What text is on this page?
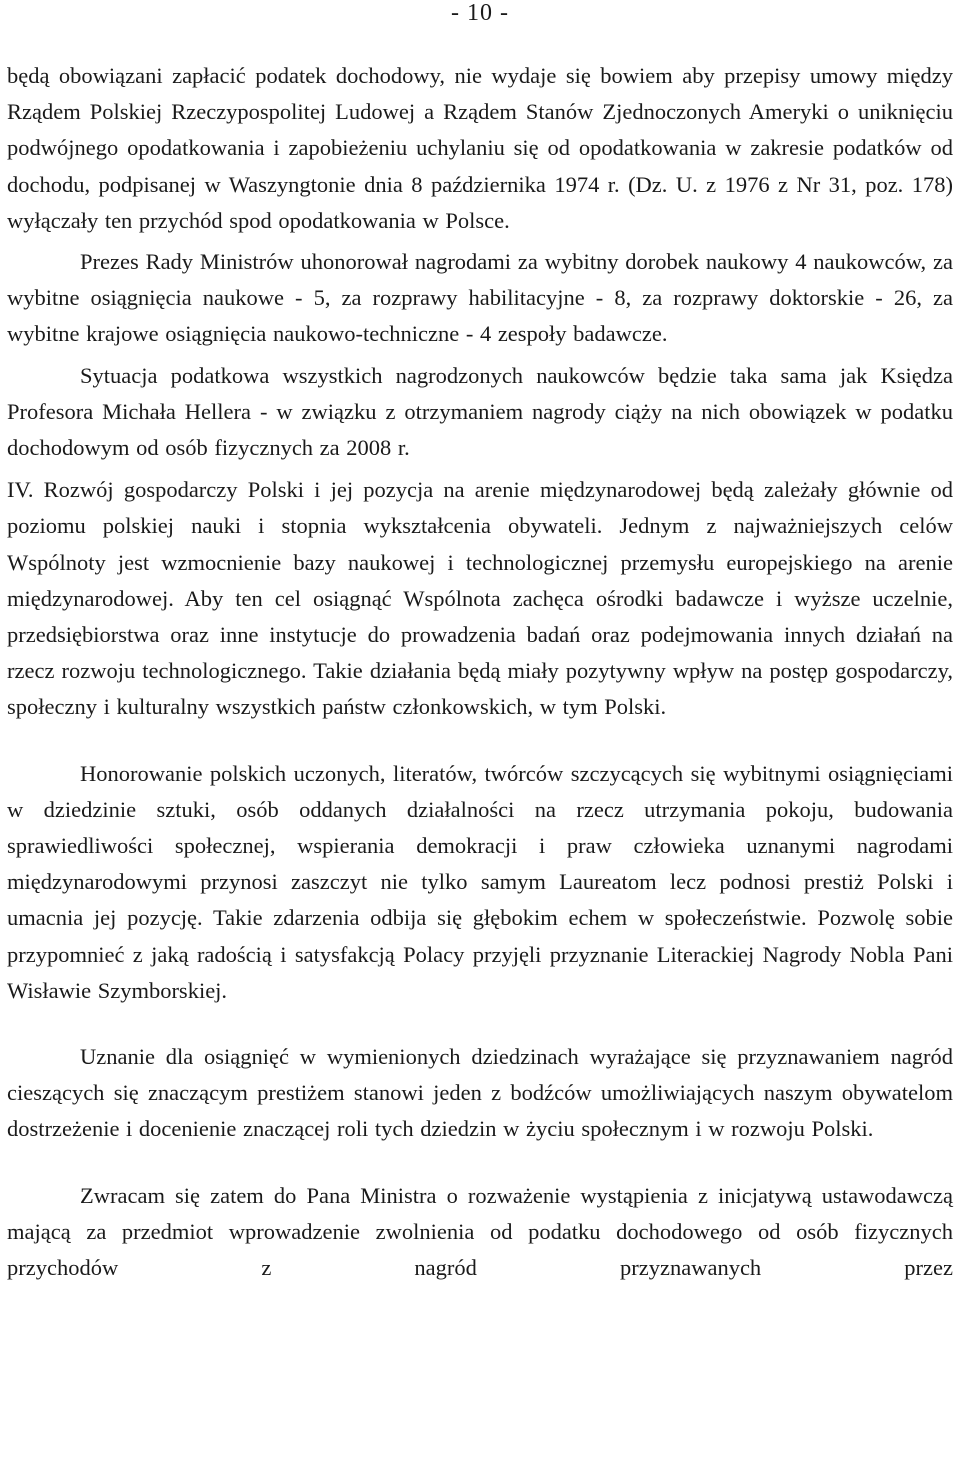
- 10 -

będą obowiązani zapłacić podatek dochodowy, nie wydaje się bowiem aby przepisy umowy między Rządem Polskiej Rzeczypospolitej Ludowej a Rządem Stanów Zjednoczonych Ameryki o uniknięciu podwójnego opodatkowania i zapobieżeniu uchylaniu się od opodatkowania w zakresie podatków od dochodu, podpisanej w Waszyngtonie dnia 8 października 1974 r. (Dz. U. z 1976 z Nr 31, poz. 178) wyłączały ten przychód spod opodatkowania w Polsce.

Prezes Rady Ministrów uhonorował nagrodami za wybitny dorobek naukowy 4 naukowców, za wybitne osiągnięcia naukowe - 5, za rozprawy habilitacyjne - 8, za rozprawy doktorskie - 26, za wybitne krajowe osiągnięcia naukowo-techniczne - 4 zespoły badawcze.

Sytuacja podatkowa wszystkich nagrodzonych naukowców będzie taka sama jak Księdza Profesora Michała Hellera - w związku z otrzymaniem nagrody ciąży na nich obowiązek w podatku dochodowym od osób fizycznych za 2008 r.

IV. Rozwój gospodarczy Polski i jej pozycja na arenie międzynarodowej będą zależały głównie od poziomu polskiej nauki i stopnia wykształcenia obywateli. Jednym z najważniejszych celów Wspólnoty jest wzmocnienie bazy naukowej i technologicznej przemysłu europejskiego na arenie międzynarodowej. Aby ten cel osiągnąć Wspólnota zachęca ośrodki badawcze i wyższe uczelnie, przedsiębiorstwa oraz inne instytucje do prowadzenia badań oraz podejmowania innych działań na rzecz rozwoju technologicznego. Takie działania będą miały pozytywny wpływ na postęp gospodarczy, społeczny i kulturalny wszystkich państw członkowskich, w tym Polski.

Honorowanie polskich uczonych, literatów, twórców szczycących się wybitnymi osiągnięciami w dziedzinie sztuki, osób oddanych działalności na rzecz utrzymania pokoju, budowania sprawiedliwości społecznej, wspierania demokracji i praw człowieka uznanymi nagrodami międzynarodowymi przynosi zaszczyt nie tylko samym Laureatom lecz podnosi prestiż Polski i umacnia jej pozycję. Takie zdarzenia odbija się głębokim echem w społeczeństwie. Pozwolę sobie przypomnieć z jaką radością i satysfakcją Polacy przyjęli przyznanie Literackiej Nagrody Nobla Pani Wisławie Szymborskiej.

Uznanie dla osiągnięć w wymienionych dziedzinach wyrażające się przyznawaniem nagród cieszących się znaczącym prestiżem stanowi jeden z bodźców umożliwiających naszym obywatelom dostrzeżenie i docenienie znaczącej roli tych dziedzin w życiu społecznym i w rozwoju Polski.

Zwracam się zatem do Pana Ministra o rozważenie wystąpienia z inicjatywą ustawodawczą mającą za przedmiot wprowadzenie zwolnienia od podatku dochodowego od osób fizycznych przychodów z nagród przyznawanych przez
